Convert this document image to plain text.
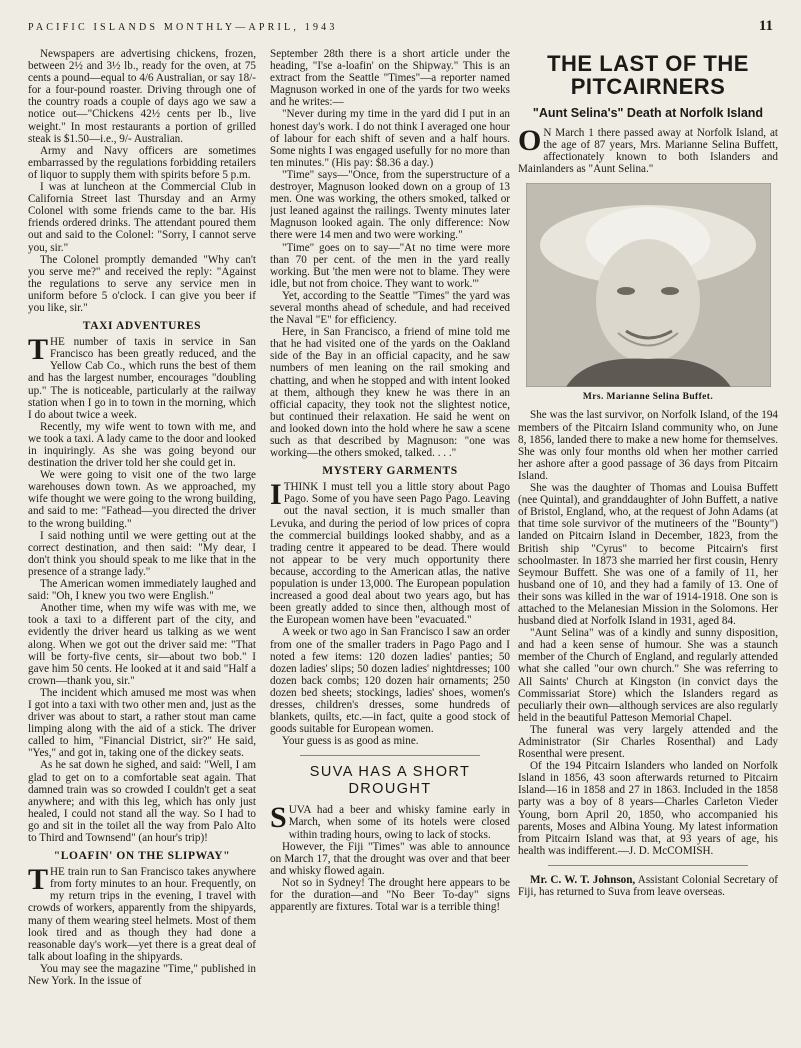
PACIFIC ISLANDS MONTHLY—APRIL, 1943	11

Newspapers are advertising chickens, frozen, between 2½ and 3½ lb., ready for the oven, at 75 cents a pound—equal to 4/6 Australian, or say 18/- for a four-pound roaster. Driving through one of the country roads a couple of days ago we saw a notice out—"Chickens 42½ cents per lb., live weight." In most restaurants a portion of grilled steak is $1.50—i.e., 9/- Australian.

Army and Navy officers are sometimes embarrassed by the regulations forbidding retailers of liquor to supply them with spirits before 5 p.m.

I was at luncheon at the Commercial Club in California Street last Thursday and an Army Colonel with some friends came to the bar. His friends ordered drinks. The attendant poured them out and said to the Colonel: "Sorry, I cannot serve you, sir."

The Colonel promptly demanded "Why can't you serve me?" and received the reply: "Against the regulations to serve any service men in uniform before 5 o'clock. I can give you beer if you like, sir."

TAXI ADVENTURES

THE number of taxis in service in San Francisco has been greatly reduced, and the Yellow Cab Co., which runs the best of them and has the largest number, encourages "doubling up." The is noticeable, particularly at the railway station when I go in to town in the morning, which I do about twice a week.

Recently, my wife went to town with me, and we took a taxi. A lady came to the door and looked in inquiringly. As she was going beyond our destination the driver told her she could get in.

We were going to visit one of the two large warehouses down town. As we approached, my wife thought we were going to the wrong building, and said to me: "Fathead—you directed the driver to the wrong building."

I said nothing until we were getting out at the correct destination, and then said: "My dear, I don't think you should speak to me like that in the presence of a strange lady."

The American women immediately laughed and said: "Oh, I knew you two were English."

Another time, when my wife was with me, we took a taxi to a different part of the city, and evidently the driver heard us talking as we went along. When we got out the driver said me: "That will be forty-five cents, sir—about two bob." I gave him 50 cents. He looked at it and said "Half a crown—thank you, sir."

The incident which amused me most was when I got into a taxi with two other men and, just as the driver was about to start, a rather stout man came limping along with the aid of a stick. The driver called to him, "Financial District, sir?" He said, "Yes," and got in, taking one of the dickey seats.

As he sat down he sighed, and said: "Well, I am glad to get on to a comfortable seat again. That damned train was so crowded I couldn't get a seat anywhere; and with this leg, which has only just healed, I could not stand all the way. So I had to go and sit in the toilet all the way from Palo Alto to Third and Townsend" (an hour's trip)!

"LOAFIN' ON THE SLIPWAY"

THE train run to San Francisco takes anywhere from forty minutes to an hour. Frequently, on my return trips in the evening, I travel with crowds of workers, apparently from the shipyards, many of them wearing steel helmets. Most of them look tired and as though they had done a reasonable day's work—yet there is a great deal of talk about loafing in the shipyards.

You may see the magazine "Time," published in New York. In the issue of

September 28th there is a short article under the heading, "I'se a-loafin' on the Shipway." This is an extract from the Seattle "Times"—a reporter named Magnuson worked in one of the yards for two weeks and he writes:—

"Never during my time in the yard did I put in an honest day's work. I do not think I averaged one hour of labour for each shift of seven and a half hours. Some nights I was engaged usefully for no more than ten minutes." (His pay: $8.36 a day.)

"Time" says—"Once, from the superstructure of a destroyer, Magnuson looked down on a group of 13 men. One was working, the others smoked, talked or just leaned against the railings. Twenty minutes later Magnuson looked again. The only difference: Now there were 14 men and two were working."

"Time" goes on to say—"At no time were more than 70 per cent. of the men in the yard really working. But 'the men were not to blame. They were idle, but not from choice. They want to work.'"

Yet, according to the Seattle "Times" the yard was several months ahead of schedule, and had received the Naval "E" for efficiency.

Here, in San Francisco, a friend of mine told me that he had visited one of the yards on the Oakland side of the Bay in an official capacity, and he saw numbers of men leaning on the rail smoking and chatting, and when he stopped and with intent looked at them, although they knew he was there in an official capacity, they took not the slightest notice, but continued their relaxation. He said he went on and looked down into the hold where he saw a scene such as that described by Magnuson: "one was working—the others smoked, talked. . . ."

MYSTERY GARMENTS

ITHINK I must tell you a little story about Pago Pago. Some of you have seen Pago Pago. Leaving out the naval section, it is much smaller than Levuka, and during the period of low prices of copra the commercial buildings looked shabby, and as a trading centre it appeared to be dead. There would not appear to be very much opportunity there because, according to the American atlas, the native population is under 13,000. The European population increased a good deal about two years ago, but has been greatly added to since then, although most of the European women have been "evacuated."

A week or two ago in San Francisco I saw an order from one of the smaller traders in Pago Pago and I noted a few items: 120 dozen ladies' panties; 50 dozen ladies' slips; 50 dozen ladies' nightdresses; 100 dozen back combs; 120 dozen hair ornaments; 250 dozen bed sheets; stockings, ladies' shoes, women's dresses, children's dresses, some hundreds of blankets, quilts, etc.—in fact, quite a good stock of goods suitable for European women.

Your guess is as good as mine.

SUVA HAS A SHORT DROUGHT

SUVA had a beer and whisky famine early in March, when some of its hotels were closed within trading hours, owing to lack of stocks.

However, the Fiji "Times" was able to announce on March 17, that the drought was over and that beer and whisky flowed again.

Not so in Sydney! The drought here appears to be for the duration—and "No Beer To-day" signs apparently are fixtures. Total war is a terrible thing!

THE LAST OF THE PITCAIRNERS
"Aunt Selina's" Death at Norfolk Island

ON March 1 there passed away at Norfolk Island, at the age of 87 years, Mrs. Marianne Selina Buffett, affectionately known to both Islanders and Mainlanders as "Aunt Selina."

Mrs. Marianne Selina Buffet.

She was the last survivor, on Norfolk Island, of the 194 members of the Pitcairn Island community who, on June 8, 1856, landed there to make a new home for themselves. She was only four months old when her mother carried her ashore after a good passage of 36 days from Pitcairn Island.

She was the daughter of Thomas and Louisa Buffett (nee Quintal), and granddaughter of John Buffett, a native of Bristol, England, who, at the request of John Adams (at that time sole survivor of the mutineers of the "Bounty") landed on Pitcairn Island in December, 1823, from the British ship "Cyrus" to become Pitcairn's first schoolmaster. In 1873 she married her first cousin, Henry Seymour Buffett. She was one of a family of 11, her husband one of 10, and they had a family of 13. One of their sons was killed in the war of 1914-1918. One son is attached to the Melanesian Mission in the Solomons. Her husband died at Norfolk Island in 1931, aged 84.

"Aunt Selina" was of a kindly and sunny disposition, and had a keen sense of humour. She was a staunch member of the Church of England, and regularly attended what she called "our own church." She was referring to All Saints' Church at Kingston (in convict days the Commissariat Store) which the Islanders regard as peculiarly their own—although services are also regularly held in the beautiful Patteson Memorial Chapel.

The funeral was very largely attended and the Administrator (Sir Charles Rosenthal) and Lady Rosenthal were present.

Of the 194 Pitcairn Islanders who landed on Norfolk Island in 1856, 43 soon afterwards returned to Pitcairn Island—16 in 1858 and 27 in 1863. Included in the 1858 party was a boy of 8 years—Charles Carleton Vieder Young, born April 20, 1850, who accompanied his parents, Moses and Albina Young. My latest information from Pitcairn Island was that, at 93 years of age, his health was indifferent.—J. D. McCOMISH.

Mr. C. W. T. Johnson, Assistant Colonial Secretary of Fiji, has returned to Suva from leave overseas.
